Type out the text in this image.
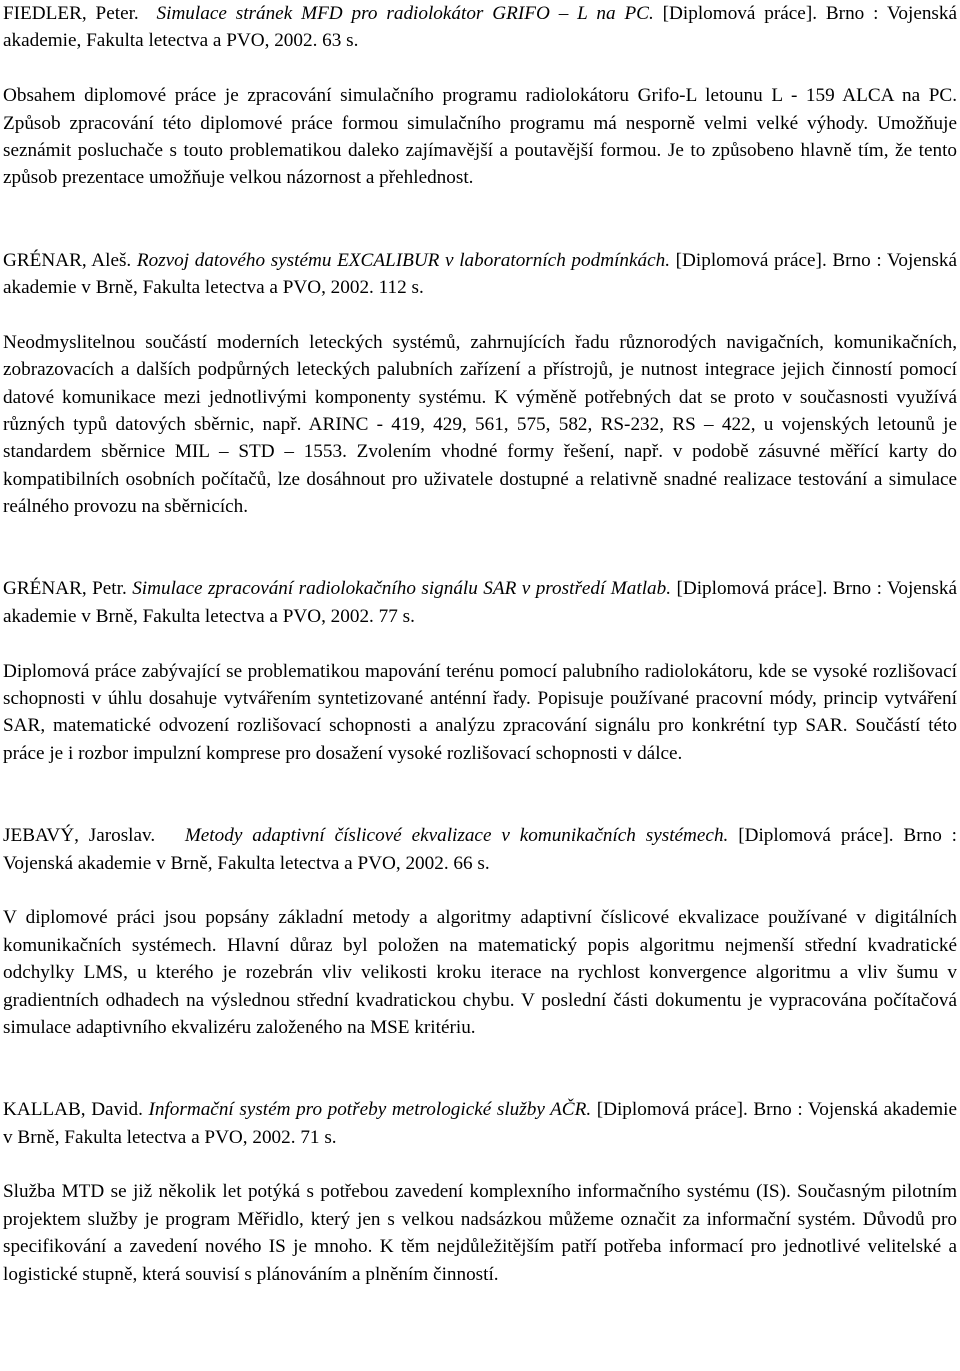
FIEDLER, Peter. Simulace stránek MFD pro radiolokátor GRIFO – L na PC. [Diplomová práce]. Brno : Vojenská akademie, Fakulta letectva a PVO, 2002. 63 s.

Obsahem diplomové práce je zpracování simulačního programu radiolokátoru Grifo-L letounu L - 159 ALCA na PC. Způsob zpracování této diplomové práce formou simulačního programu má nesporně velmi velké výhody. Umožňuje seznámit posluchače s touto problematikou daleko zajímavější a poutavější formou. Je to způsobeno hlavně tím, že tento způsob prezentace umožňuje velkou názornost a přehlednost.

GRÉNAR, Aleš. Rozvoj datového systému EXCALIBUR v laboratorních podmínkách. [Diplomová práce]. Brno : Vojenská akademie v Brně, Fakulta letectva a PVO, 2002. 112 s.

Neodmyslitelnou součástí moderních leteckých systémů, zahrnujících řadu různorodých navigačních, komunikačních, zobrazovacích a dalších podpůrných leteckých palubních zařízení a přístrojů, je nutnost integrace jejich činností pomocí datové komunikace mezi jednotlivými komponenty systému. K výměně potřebných dat se proto v současnosti využívá různých typů datových sběrnic, např. ARINC - 419, 429, 561, 575, 582, RS-232, RS – 422, u vojenských letounů je standardem sběrnice MIL – STD – 1553. Zvolením vhodné formy řešení, např. v podobě zásuvné měřící karty do kompatibilních osobních počítačů, lze dosáhnout pro uživatele dostupné a relativně snadné realizace testování a simulace reálného provozu na sběrnicích.

GRÉNAR, Petr. Simulace zpracování radiolokačního signálu SAR v prostředí Matlab. [Diplomová práce]. Brno : Vojenská akademie v Brně, Fakulta letectva a PVO, 2002. 77 s.

Diplomová práce zabývající se problematikou mapování terénu pomocí palubního radiolokátoru, kde se vysoké rozlišovací schopnosti v úhlu dosahuje vytvářením syntetizované anténní řady. Popisuje používané pracovní módy, princip vytváření SAR, matematické odvození rozlišovací schopnosti a analýzu zpracování signálu pro konkrétní typ SAR. Součástí této práce je i rozbor impulzní komprese pro dosažení vysoké rozlišovací schopnosti v dálce.

JEBAVÝ, Jaroslav. Metody adaptivní číslicové ekvalizace v komunikačních systémech. [Diplomová práce]. Brno : Vojenská akademie v Brně, Fakulta letectva a PVO, 2002. 66 s.

V diplomové práci jsou popsány základní metody a algoritmy adaptivní číslicové ekvalizace používané v digitálních komunikačních systémech. Hlavní důraz byl položen na matematický popis algoritmu nejmenší střední kvadratické odchylky LMS, u kterého je rozebrán vliv velikosti kroku iterace na rychlost konvergence algoritmu a vliv šumu v gradientních odhadech na výslednou střední kvadratickou chybu. V poslední části dokumentu je vypracována počítačová simulace adaptivního ekvalizéru založeného na MSE kritériu.

KALLAB, David. Informační systém pro potřeby metrologické služby AČR. [Diplomová práce]. Brno : Vojenská akademie v Brně, Fakulta letectva a PVO, 2002. 71 s.

Služba MTD se již několik let potýká s potřebou zavedení komplexního informačního systému (IS). Současným pilotním projektem služby je program Měřidlo, který jen s velkou nadsázkou můžeme označit za informační systém. Důvodů pro specifikování a zavedení nového IS je mnoho. K těm nejdůležitějším patří potřeba informací pro jednotlivé velitelské a logistické stupně, která souvisí s plánováním a plněním činností.
